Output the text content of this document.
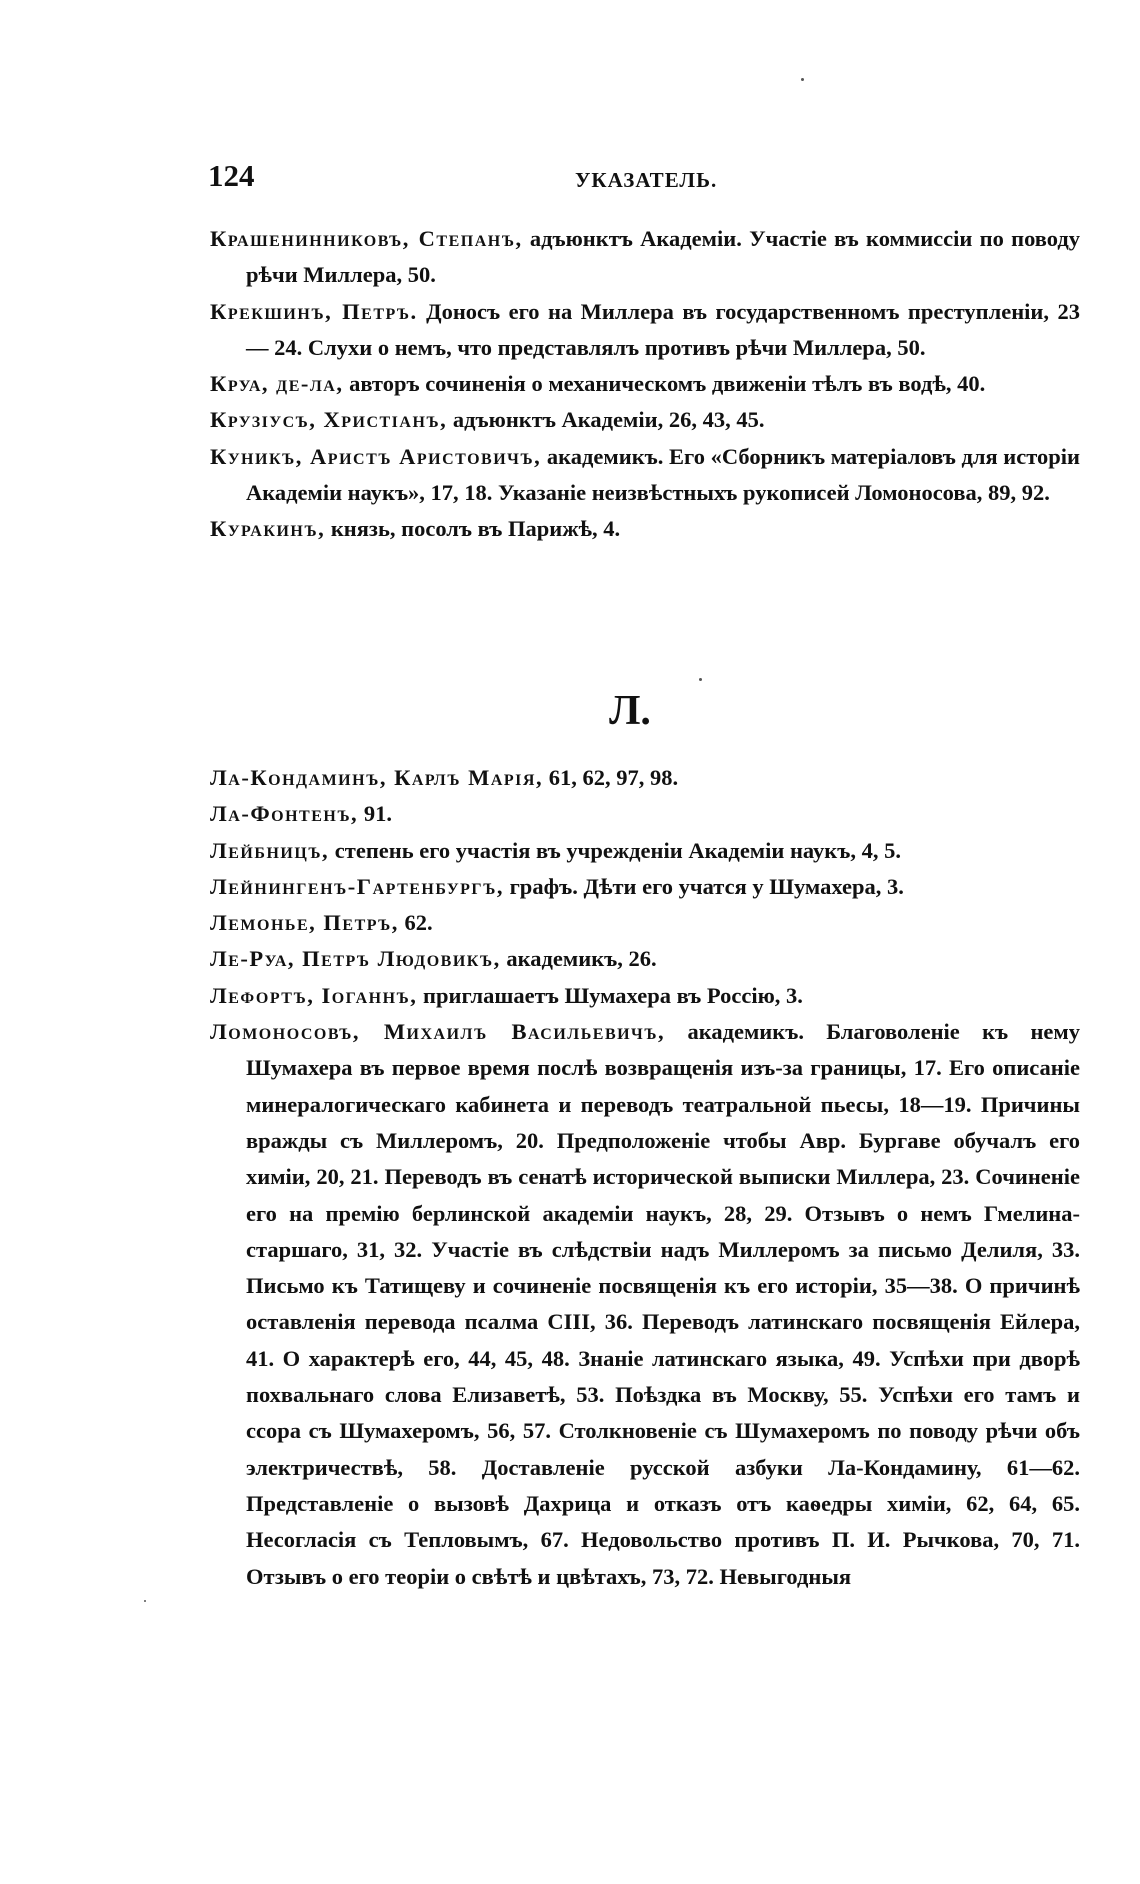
124	УКАЗАТЕЛЬ.

Крашенинниковъ, Степанъ, адъюнктъ Академіи. Участіе въ коммиссіи по поводу рѣчи Миллера, 50.

Крекшинъ, Петръ. Доносъ его на Миллера въ государственномъ преступленіи, 23 — 24. Слухи о немъ, что представлялъ противъ рѣчи Миллера, 50.

Круа, де-ла, авторъ сочиненія о механическомъ движеніи тѣлъ въ водѣ, 40.

Крузіусъ, Христіанъ, адъюнктъ Академіи, 26, 43, 45.

Куникъ, Аристъ Аристовичъ, академикъ. Его «Сборникъ матеріаловъ для исторіи Академіи наукъ», 17, 18. Указаніе неизвѣстныхъ рукописей Ломоносова, 89, 92.

Куракинъ, князь, посолъ въ Парижѣ, 4.

Л.

Ла-Кондаминъ, Карлъ Марія, 61, 62, 97, 98.

Ла-Фонтенъ, 91.

Лейбницъ, степень его участія въ учрежденіи Академіи наукъ, 4, 5.

Лейнингенъ-Гартенбургъ, графъ. Дѣти его учатся у Шумахера, 3.

Лемонье, Петръ, 62.

Ле-Руа, Петръ Людовикъ, академикъ, 26.

Лефортъ, Іоганнъ, приглашаетъ Шумахера въ Россію, 3.

Ломоносовъ, Михаилъ Васильевичъ, академикъ. Благоволеніе къ нему Шумахера въ первое время послѣ возвращенія изъ-за границы, 17. Его описаніе минералогическаго кабинета и переводъ театральной пьесы, 18—19. Причины вражды съ Миллеромъ, 20. Предположеніе чтобы Авр. Бургаве обучалъ его химіи, 20, 21. Переводъ въ сенатѣ исторической выписки Миллера, 23. Сочиненіе его на премію берлинской академіи наукъ, 28, 29. Отзывъ о немъ Гмелина-старшаго, 31, 32. Участіе въ слѣдствіи надъ Миллеромъ за письмо Делиля, 33. Письмо къ Татищеву и сочиненіе посвященія къ его исторіи, 35—38. О причинѣ оставленія перевода псалма CIII, 36. Переводъ латинскаго посвященія Ейлера, 41. О характерѣ его, 44, 45, 48. Знаніе латинскаго языка, 49. Успѣхи при дворѣ похвальнаго слова Елизаветѣ, 53. Поѣздка въ Москву, 55. Успѣхи его тамъ и ссора съ Шумахеромъ, 56, 57. Столкновеніе съ Шумахеромъ по поводу рѣчи объ электричествѣ, 58. Доставленіе русской азбуки Ла-Кондамину, 61—62. Представленіе о вызовѣ Дахрица и отказъ отъ каѳедры химіи, 62, 64, 65. Несогласія съ Тепловымъ, 67. Недовольство противъ П. И. Рычкова, 70, 71. Отзывъ о его теоріи о свѣтѣ и цвѣтахъ, 73, 72. Невыгодныя
